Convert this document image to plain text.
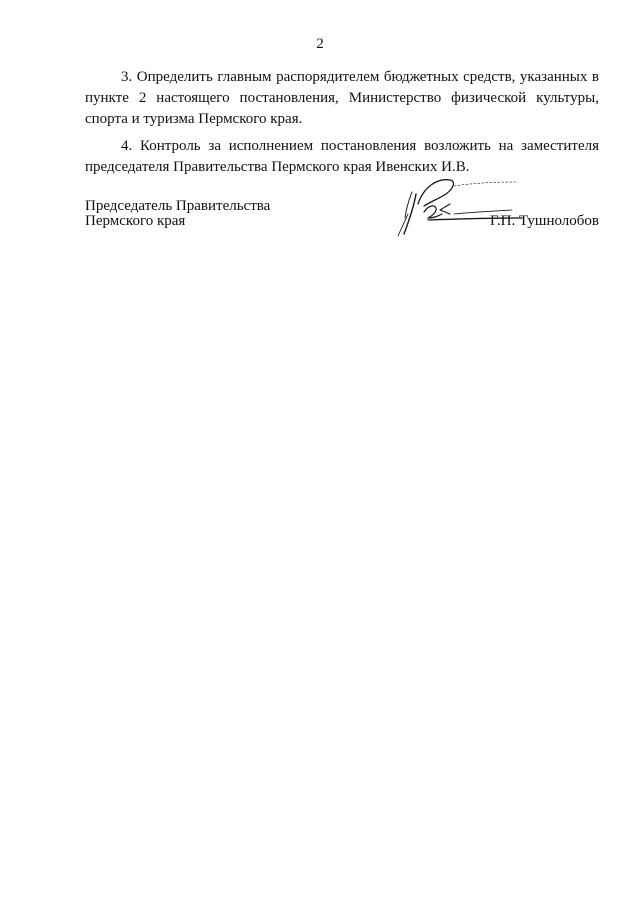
2

3. Определить главным распорядителем бюджетных средств, указанных в пункте 2 настоящего постановления, Министерство физической культуры, спорта и туризма Пермского края.

4. Контроль за исполнением постановления возложить на заместителя председателя Правительства Пермского края Ивенских И.В.

Председатель Правительства
Пермского края	Г.П. Тушнолобов
